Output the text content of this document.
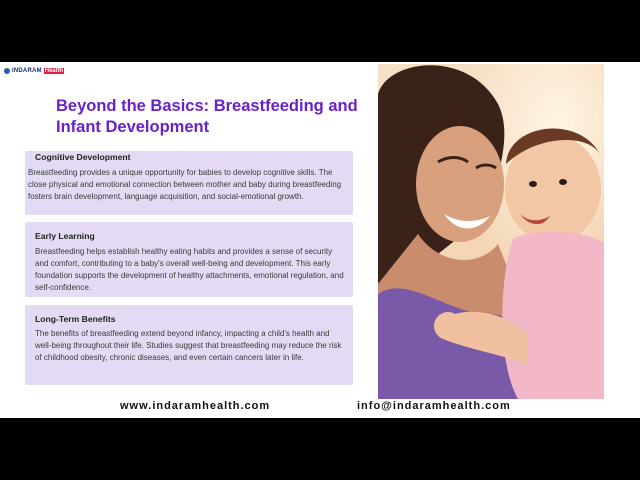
INDARAM Health
Beyond the Basics: Breastfeeding and Infant Development
Cognitive Development
Breastfeeding provides a unique opportunity for babies to develop cognitive skills. The close physical and emotional connection between mother and baby during breastfeeding fosters brain development, language acquisition, and social-emotional growth.
Early Learning
Breastfeeding helps establish healthy eating habits and provides a sense of security and comfort, contributing to a baby's overall well-being and development. This early foundation supports the development of healthy attachments, emotional regulation, and self-confidence.
Long-Term Benefits
The benefits of breastfeeding extend beyond infancy, impacting a child's health and well-being throughout their life. Studies suggest that breastfeeding may reduce the risk of childhood obesity, chronic diseases, and even certain cancers later in life.
www.indaramhealth.com	info@indaramhealth.com
